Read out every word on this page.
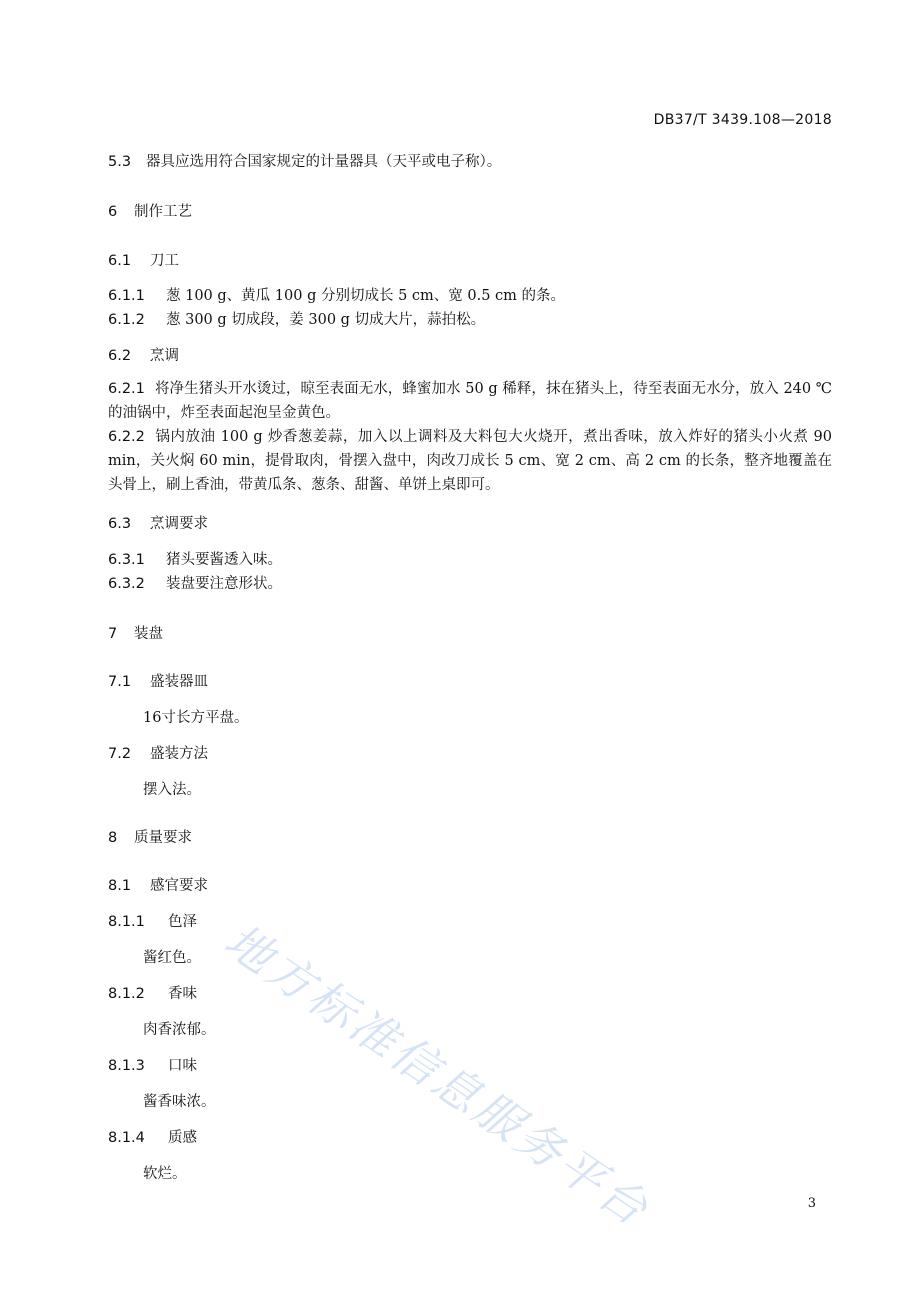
DB37/T 3439.108—2018
5.3 器具应选用符合国家规定的计量器具（天平或电子称）。
6 制作工艺
6.1 刀工
6.1.1 葱 100 g、黄瓜 100 g 分别切成长 5 cm、宽 0.5 cm 的条。
6.1.2 葱 300 g 切成段，姜 300 g 切成大片，蒜拍松。
6.2 烹调
6.2.1 将净生猪头开水烫过，晾至表面无水，蜂蜜加水 50 g 稀释，抹在猪头上，待至表面无水分，放入 240 ℃的油锅中，炸至表面起泡呈金黄色。
6.2.2 锅内放油 100 g 炒香葱姜蒜，加入以上调料及大料包大火烧开，煮出香味，放入炸好的猪头小火煮 90 min，关火焖 60 min，提骨取肉，骨摆入盘中，肉改刀成长 5 cm、宽 2 cm、高 2 cm 的长条，整齐地覆盖在头骨上，刷上香油，带黄瓜条、葱条、甜酱、单饼上桌即可。
6.3 烹调要求
6.3.1 猪头要酱透入味。
6.3.2 装盘要注意形状。
7 装盘
7.1 盛装器皿
16寸长方平盘。
7.2 盛装方法
摆入法。
8 质量要求
8.1 感官要求
8.1.1 色泽
酱红色。
8.1.2 香味
肉香浓郁。
8.1.3 口味
酱香味浓。
8.1.4 质感
软烂。
3
地方标准信息服务平台
